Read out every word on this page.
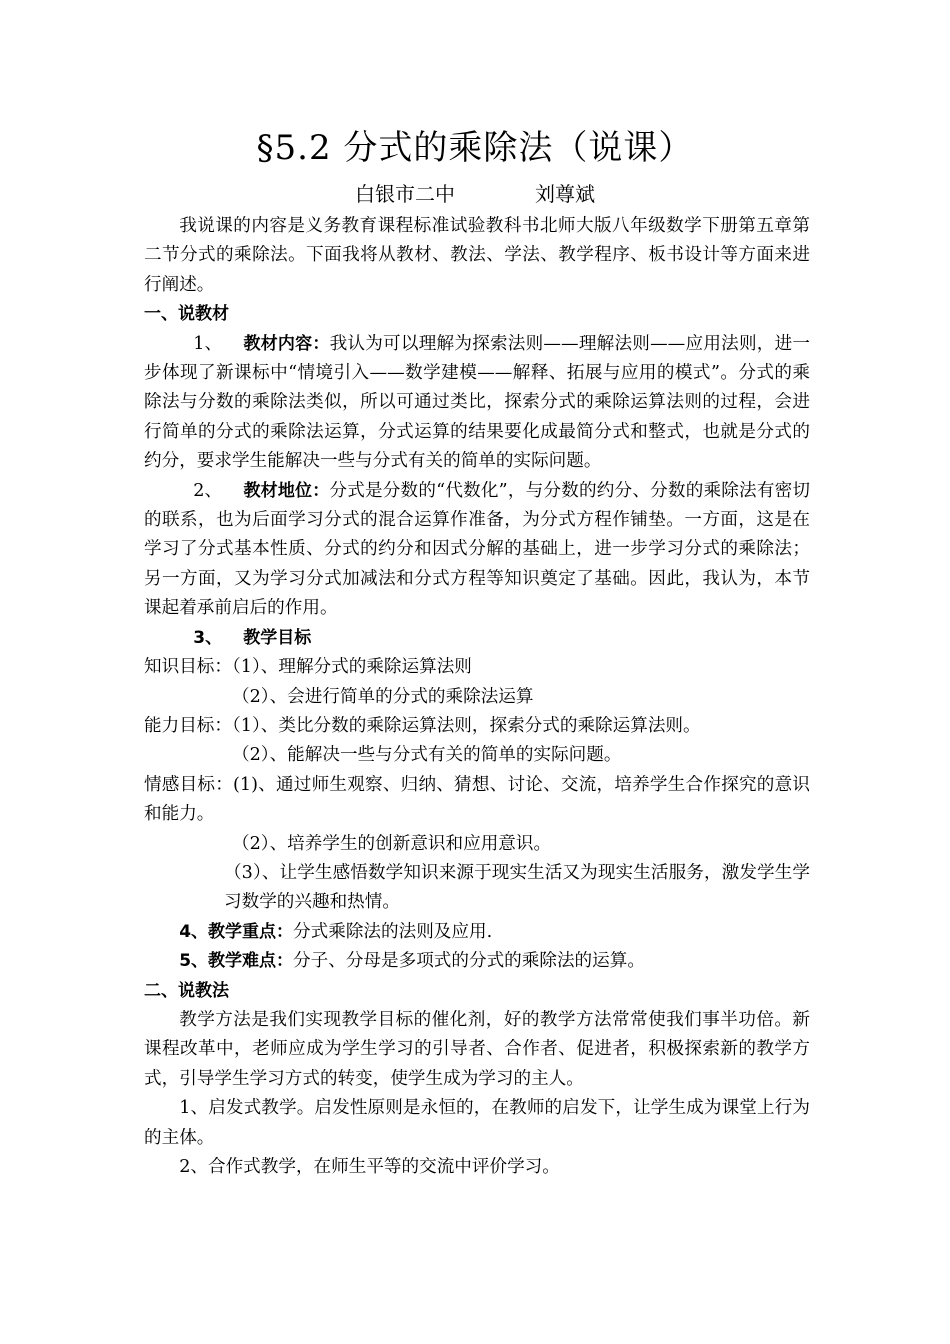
§5.2 分式的乘除法（说课）
白银市二中	刘尊斌

我说课的内容是义务教育课程标准试验教科书北师大版八年级数学下册第五章第二节分式的乘除法。下面我将从教材、教法、学法、教学程序、板书设计等方面来进行阐述。

一、说教材

1、 教材内容：我认为可以理解为探索法则——理解法则——应用法则，进一步体现了新课标中“情境引入——数学建模——解释、拓展与应用的模式”。分式的乘除法与分数的乘除法类似，所以可通过类比，探索分式的乘除运算法则的过程，会进行简单的分式的乘除法运算，分式运算的结果要化成最简分式和整式，也就是分式的约分，要求学生能解决一些与分式有关的简单的实际问题。

2、 教材地位：分式是分数的“代数化”，与分数的约分、分数的乘除法有密切的联系，也为后面学习分式的混合运算作准备，为分式方程作铺垫。一方面，这是在学习了分式基本性质、分式的约分和因式分解的基础上，进一步学习分式的乘除法；另一方面，又为学习分式加减法和分式方程等知识奠定了基础。因此，我认为，本节课起着承前启后的作用。

3、 教学目标

知识目标：（1）、理解分式的乘除运算法则

（2）、会进行简单的分式的乘除法运算

能力目标：（1）、类比分数的乘除运算法则，探索分式的乘除运算法则。

（2）、能解决一些与分式有关的简单的实际问题。

情感目标：(1)、通过师生观察、归纳、猜想、讨论、交流，培养学生合作探究的意识和能力。

（2）、培养学生的创新意识和应用意识。

（3）、让学生感悟数学知识来源于现实生活又为现实生活服务，激发学生学习数学的兴趣和热情。

4、教学重点：分式乘除法的法则及应用.

5、教学难点：分子、分母是多项式的分式的乘除法的运算。

二、说教法

教学方法是我们实现教学目标的催化剂，好的教学方法常常使我们事半功倍。新课程改革中，老师应成为学生学习的引导者、合作者、促进者，积极探索新的教学方式，引导学生学习方式的转变，使学生成为学习的主人。

1、启发式教学。启发性原则是永恒的，在教师的启发下，让学生成为课堂上行为的主体。

2、合作式教学，在师生平等的交流中评价学习。
